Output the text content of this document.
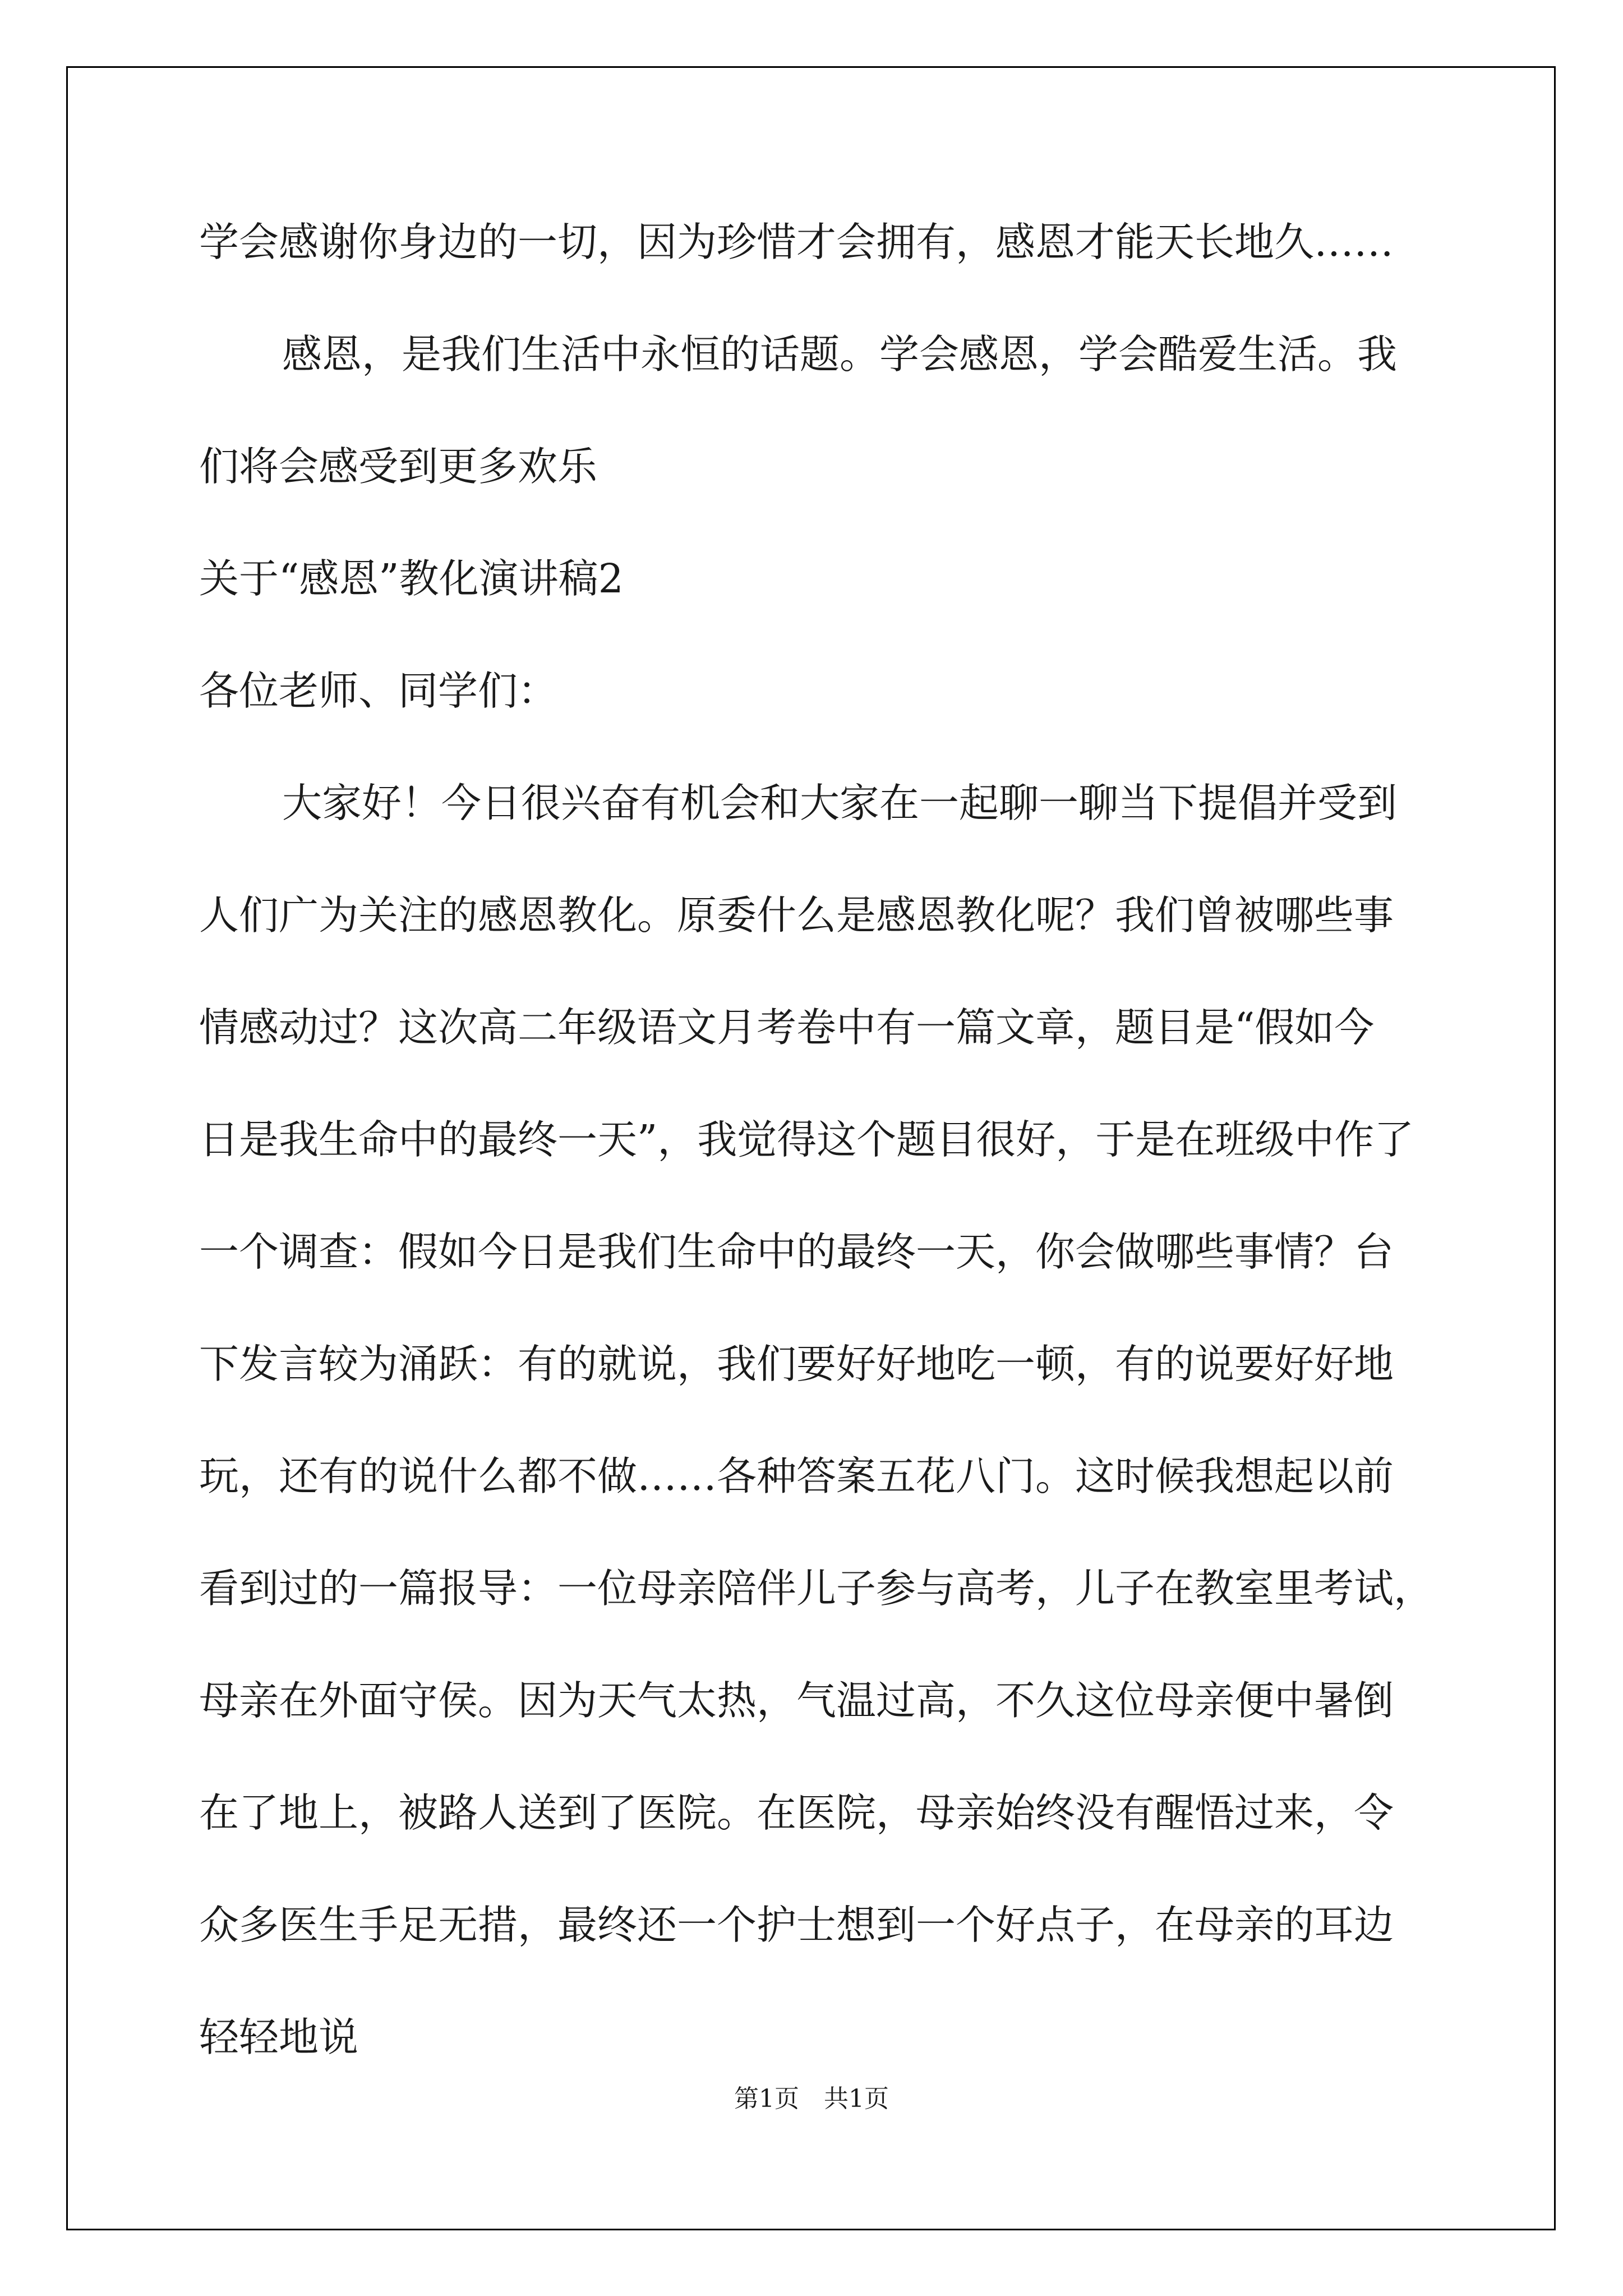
学会感谢你身边的一切，因为珍惜才会拥有，感恩才能天长地久……
感恩，是我们生活中永恒的话题。学会感恩，学会酷爱生活。我
们将会感受到更多欢乐
关于“感恩”教化演讲稿2
各位老师、同学们：
大家好！今日很兴奋有机会和大家在一起聊一聊当下提倡并受到
人们广为关注的感恩教化。原委什么是感恩教化呢？我们曾被哪些事
情感动过？这次高二年级语文月考卷中有一篇文章，题目是“假如今
日是我生命中的最终一天”，我觉得这个题目很好，于是在班级中作了
一个调查：假如今日是我们生命中的最终一天，你会做哪些事情？台
下发言较为涌跃：有的就说，我们要好好地吃一顿，有的说要好好地
玩，还有的说什么都不做……各种答案五花八门。这时候我想起以前
看到过的一篇报导：一位母亲陪伴儿子参与高考，儿子在教室里考试，
母亲在外面守侯。因为天气太热，气温过高，不久这位母亲便中暑倒
在了地上，被路人送到了医院。在医院，母亲始终没有醒悟过来，令
众多医生手足无措，最终还一个护士想到一个好点子，在母亲的耳边
轻轻地说
第1页　共1页
